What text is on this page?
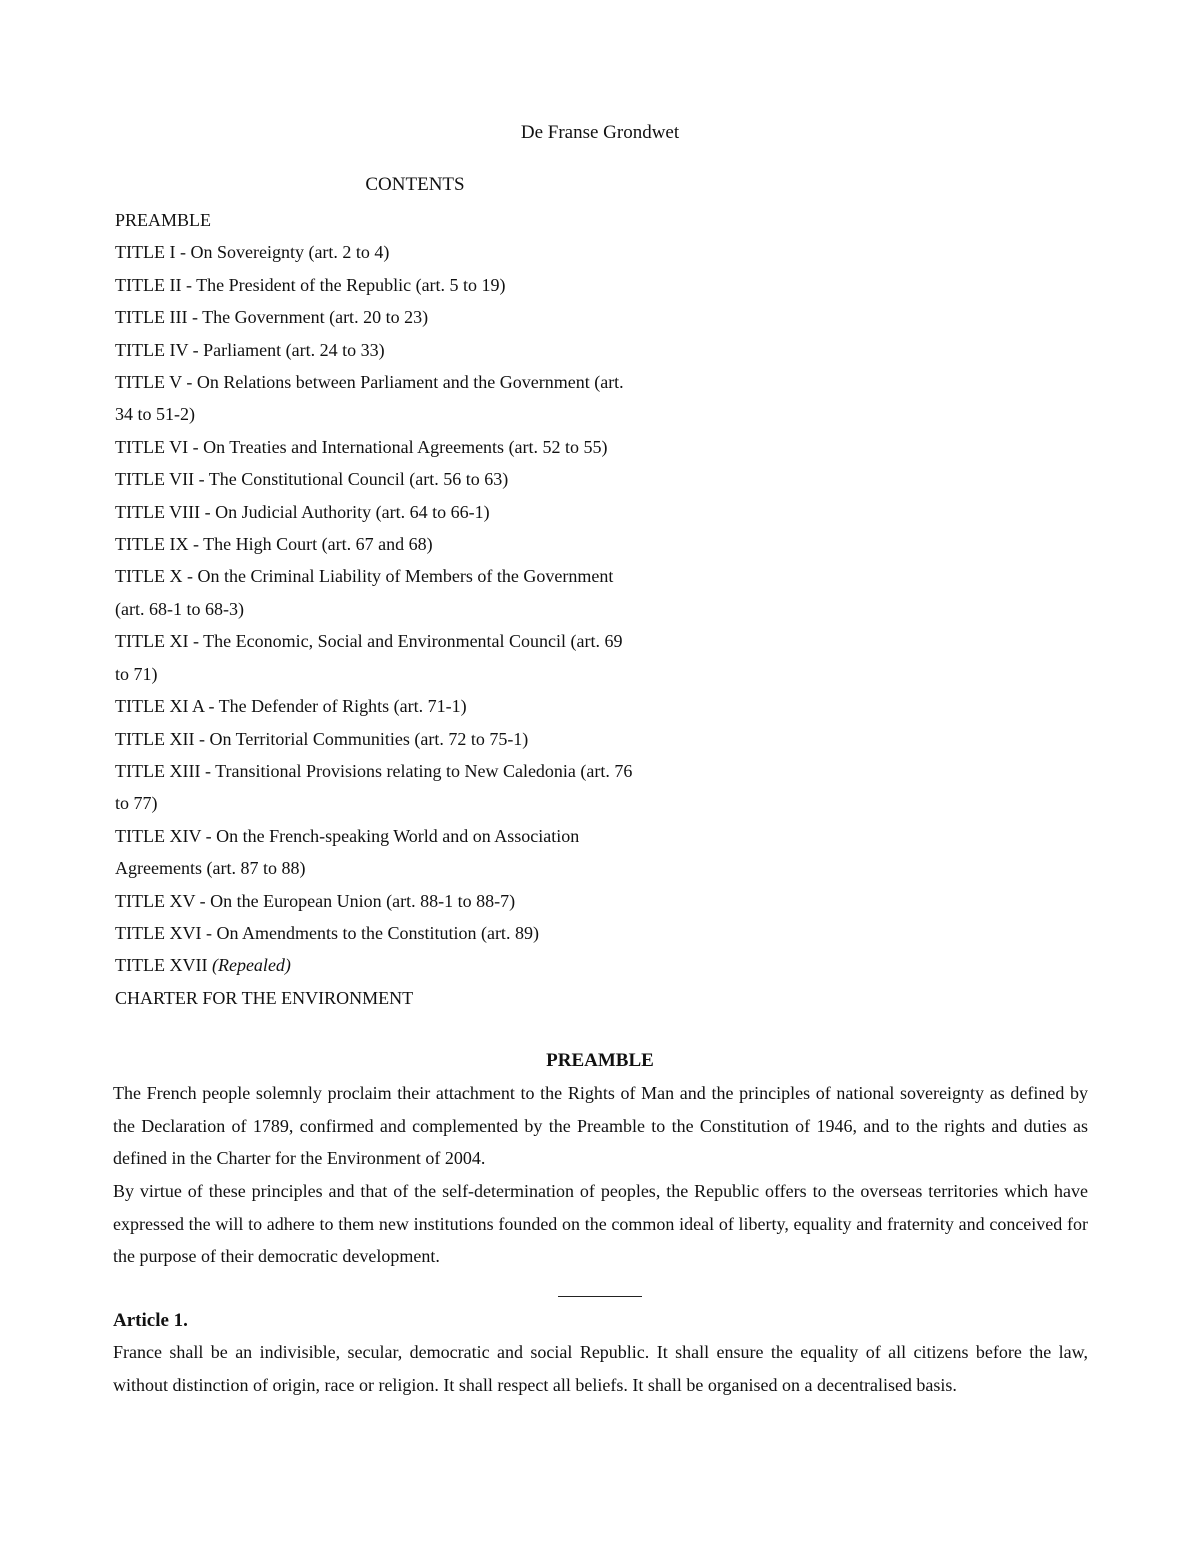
De Franse Grondwet
CONTENTS
PREAMBLE
TITLE I - On Sovereignty (art. 2 to 4)
TITLE II - The President of the Republic (art. 5 to 19)
TITLE III - The Government (art. 20 to 23)
TITLE IV - Parliament (art. 24 to 33)
TITLE V - On Relations between Parliament and the Government (art.
34 to 51-2)
TITLE VI - On Treaties and International Agreements (art. 52 to 55)
TITLE VII - The Constitutional Council (art. 56 to 63)
TITLE VIII - On Judicial Authority (art. 64 to 66-1)
TITLE IX - The High Court (art. 67 and 68)
TITLE X - On the Criminal Liability of Members of the Government
(art. 68-1 to 68-3)
TITLE XI - The Economic, Social and Environmental Council (art. 69
to 71)
TITLE XI A - The Defender of Rights (art. 71-1)
TITLE XII - On Territorial Communities (art. 72 to 75-1)
TITLE XIII - Transitional Provisions relating to New Caledonia (art. 76
to 77)
TITLE XIV - On the French-speaking World and on Association
Agreements (art. 87 to 88)
TITLE XV - On the European Union (art. 88-1 to 88-7)
TITLE XVI - On Amendments to the Constitution (art. 89)
TITLE XVII (Repealed)
CHARTER FOR THE ENVIRONMENT
PREAMBLE

The French people solemnly proclaim their attachment to the Rights of Man and the principles of national sovereignty as defined by the Declaration of 1789, confirmed and complemented by the Preamble to the Constitution of 1946, and to the rights and duties as defined in the Charter for the Environment of 2004.

By virtue of these principles and that of the self-determination of peoples, the Republic offers to the overseas territories which have expressed the will to adhere to them new institutions founded on the common ideal of liberty, equality and fraternity and conceived for the purpose of their democratic development.

Article 1.

France shall be an indivisible, secular, democratic and social Republic. It shall ensure the equality of all citizens before the law, without distinction of origin, race or religion. It shall respect all beliefs. It shall be organised on a decentralised basis.
